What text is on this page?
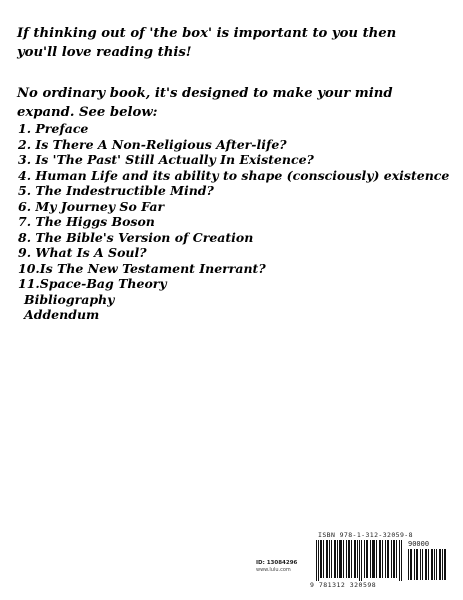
If thinking out of 'the box' is important to you then you'll love reading this!
No ordinary book, it's designed to make your mind expand. See below:
1. Preface
2. Is There A Non-Religious After-life?
3. Is 'The Past' Still Actually In Existence?
4. Human Life and its ability to shape (consciously) existence
5. The Indestructible Mind?
6. My Journey So Far
7. The Higgs Boson
8. The Bible's Version of Creation
9. What Is A Soul?
10.Is The New Testament Inerrant?
11.Space-Bag Theory
Bibliography
Addendum
ISBN 978-1-312-32059-8
90000
9 781312 320598
ID: 13084296
www.lulu.com
